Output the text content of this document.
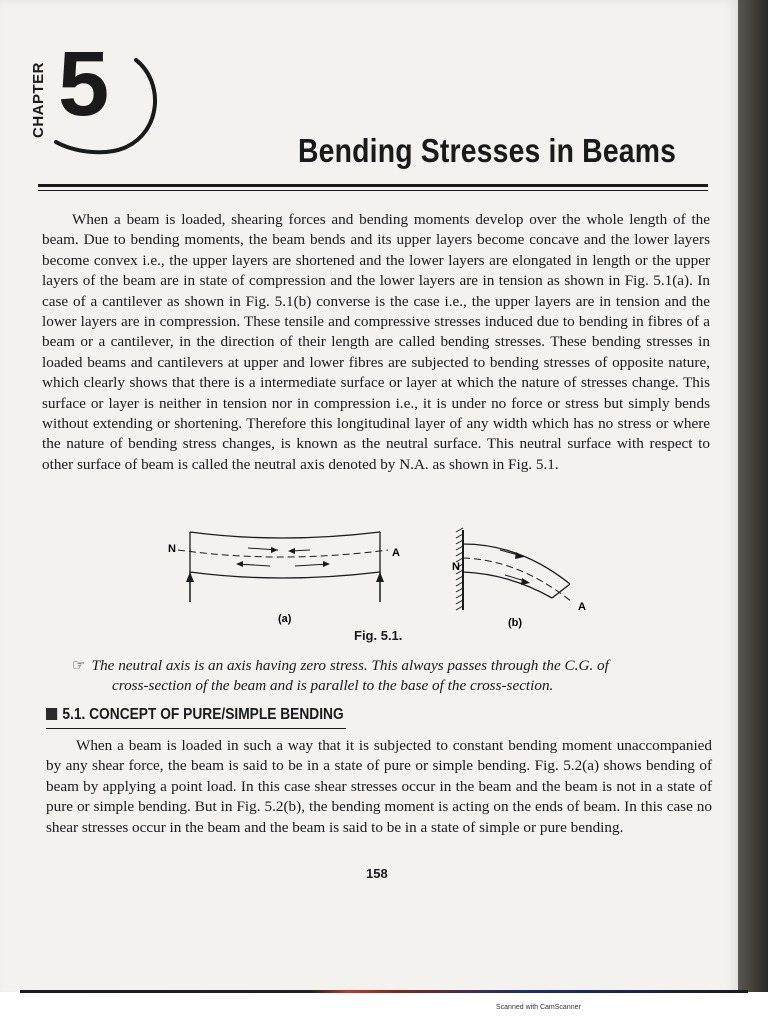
CHAPTER 5
Bending Stresses in Beams

When a beam is loaded, shearing forces and bending moments develop over the whole length of the beam. Due to bending moments, the beam bends and its upper layers become concave and the lower layers become convex i.e., the upper layers are shortened and the lower layers are elongated in length or the upper layers of the beam are in state of compression and the lower layers are in tension as shown in Fig. 5.1(a). In case of a cantilever as shown in Fig. 5.1(b) converse is the case i.e., the upper layers are in tension and the lower layers are in compression. These tensile and compressive stresses induced due to bending in fibres of a beam or a cantilever, in the direction of their length are called bending stresses. These bending stresses in loaded beams and cantilevers at upper and lower fibres are subjected to bending stresses of opposite nature, which clearly shows that there is a intermediate surface or layer at which the nature of stresses change. This surface or layer is neither in tension nor in compression i.e., it is under no force or stress but simply bends without extending or shortening. Therefore this longitudinal layer of any width which has no stress or where the nature of bending stress changes, is known as the neutral surface. This neutral surface with respect to other surface of beam is called the neutral axis denoted by N.A. as shown in Fig. 5.1.

N	A
(a)
N
A
(b)
Fig. 5.1.
☞ The neutral axis is an axis having zero stress. This always passes through the C.G. of
cross-section of the beam and is parallel to the base of the cross-section.
5.1. CONCEPT OF PURE/SIMPLE BENDING

When a beam is loaded in such a way that it is subjected to constant bending moment unaccompanied by any shear force, the beam is said to be in a state of pure or simple bending. Fig. 5.2(a) shows bending of beam by applying a point load. In this case shear stresses occur in the beam and the beam is not in a state of pure or simple bending. But in Fig. 5.2(b), the bending moment is acting on the ends of beam. In this case no shear stresses occur in the beam and the beam is said to be in a state of simple or pure bending.

158
Scanned with CamScanner
